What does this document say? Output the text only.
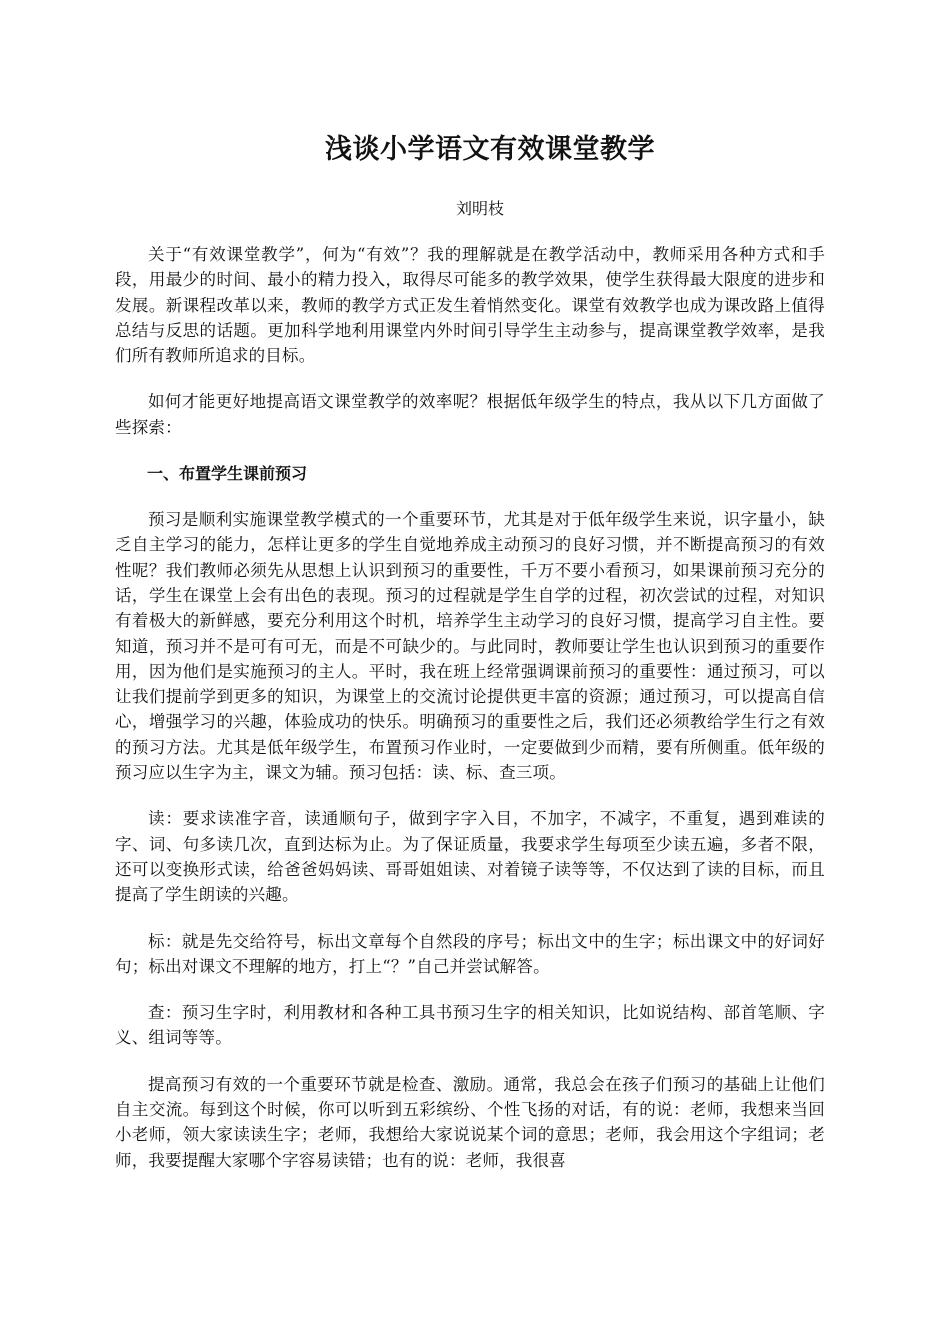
浅谈小学语文有效课堂教学
刘明枝

关于“有效课堂教学”，何为“有效”？我的理解就是在教学活动中，教师采用各种方式和手段，用最少的时间、最小的精力投入，取得尽可能多的教学效果，使学生获得最大限度的进步和发展。新课程改革以来，教师的教学方式正发生着悄然变化。课堂有效教学也成为课改路上值得总结与反思的话题。更加科学地利用课堂内外时间引导学生主动参与，提高课堂教学效率，是我们所有教师所追求的目标。

如何才能更好地提高语文课堂教学的效率呢？根据低年级学生的特点，我从以下几方面做了些探索：

一、布置学生课前预习

预习是顺利实施课堂教学模式的一个重要环节，尤其是对于低年级学生来说，识字量小，缺乏自主学习的能力，怎样让更多的学生自觉地养成主动预习的良好习惯，并不断提高预习的有效性呢？我们教师必须先从思想上认识到预习的重要性，千万不要小看预习，如果课前预习充分的话，学生在课堂上会有出色的表现。预习的过程就是学生自学的过程，初次尝试的过程，对知识有着极大的新鲜感，要充分利用这个时机，培养学生主动学习的良好习惯，提高学习自主性。要知道，预习并不是可有可无，而是不可缺少的。与此同时，教师要让学生也认识到预习的重要作用，因为他们是实施预习的主人。平时，我在班上经常强调课前预习的重要性：通过预习，可以让我们提前学到更多的知识，为课堂上的交流讨论提供更丰富的资源；通过预习，可以提高自信心，增强学习的兴趣，体验成功的快乐。明确预习的重要性之后，我们还必须教给学生行之有效的预习方法。尤其是低年级学生，布置预习作业时，一定要做到少而精，要有所侧重。低年级的预习应以生字为主，课文为辅。预习包括：读、标、查三项。

读：要求读准字音，读通顺句子，做到字字入目，不加字，不减字，不重复，遇到难读的字、词、句多读几次，直到达标为止。为了保证质量，我要求学生每项至少读五遍，多者不限，还可以变换形式读，给爸爸妈妈读、哥哥姐姐读、对着镜子读等等，不仅达到了读的目标，而且提高了学生朗读的兴趣。

标：就是先交给符号，标出文章每个自然段的序号；标出文中的生字；标出课文中的好词好句；标出对课文不理解的地方，打上“？”自己并尝试解答。

查：预习生字时，利用教材和各种工具书预习生字的相关知识，比如说结构、部首笔顺、字义、组词等等。

提高预习有效的一个重要环节就是检查、激励。通常，我总会在孩子们预习的基础上让他们自主交流。每到这个时候，你可以听到五彩缤纷、个性飞扬的对话，有的说：老师，我想来当回小老师，领大家读读生字；老师，我想给大家说说某个词的意思；老师，我会用这个字组词；老师，我要提醒大家哪个字容易读错；也有的说：老师，我很喜
